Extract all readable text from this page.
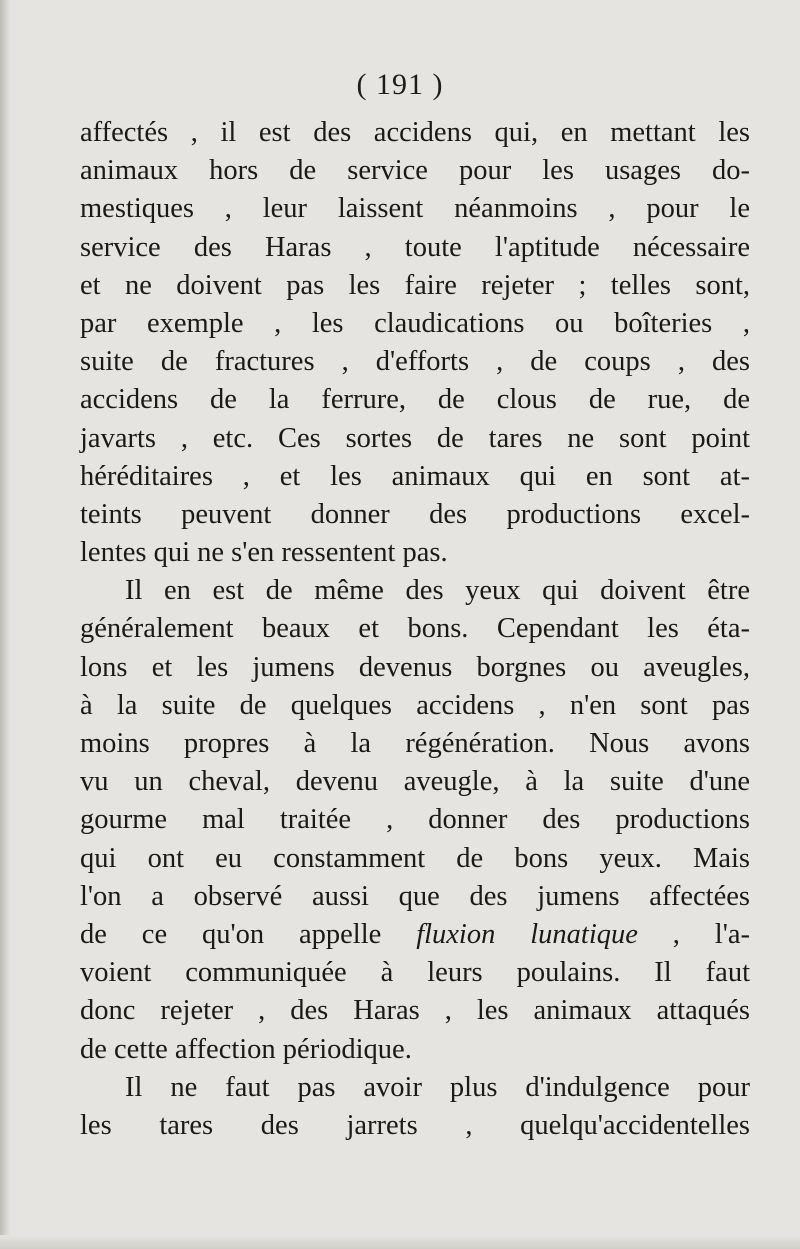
( 191 )
affectés , il est des accidens qui, en mettant les
animaux hors de service pour les usages do-
mestiques , leur laissent néanmoins , pour le
service des Haras , toute l'aptitude nécessaire
et ne doivent pas les faire rejeter ; telles sont,
par exemple , les claudications ou boîteries ,
suite de fractures , d'efforts , de coups , des
accidens de la ferrure, de clous de rue, de
javarts , etc. Ces sortes de tares ne sont point
héréditaires , et les animaux qui en sont at-
teints peuvent donner des productions excel-
lentes qui ne s'en ressentent pas.
Il en est de même des yeux qui doivent être
généralement beaux et bons. Cependant les éta-
lons et les jumens devenus borgnes ou aveugles,
à la suite de quelques accidens , n'en sont pas
moins propres à la régénération. Nous avons
vu un cheval, devenu aveugle, à la suite d'une
gourme mal traitée , donner des productions
qui ont eu constamment de bons yeux. Mais
l'on a observé aussi que des jumens affectées
de ce qu'on appelle fluxion lunatique , l'a-
voient communiquée à leurs poulains. Il faut
donc rejeter , des Haras , les animaux attaqués
de cette affection périodique.
Il ne faut pas avoir plus d'indulgence pour
les tares des jarrets , quelqu'accidentelles
